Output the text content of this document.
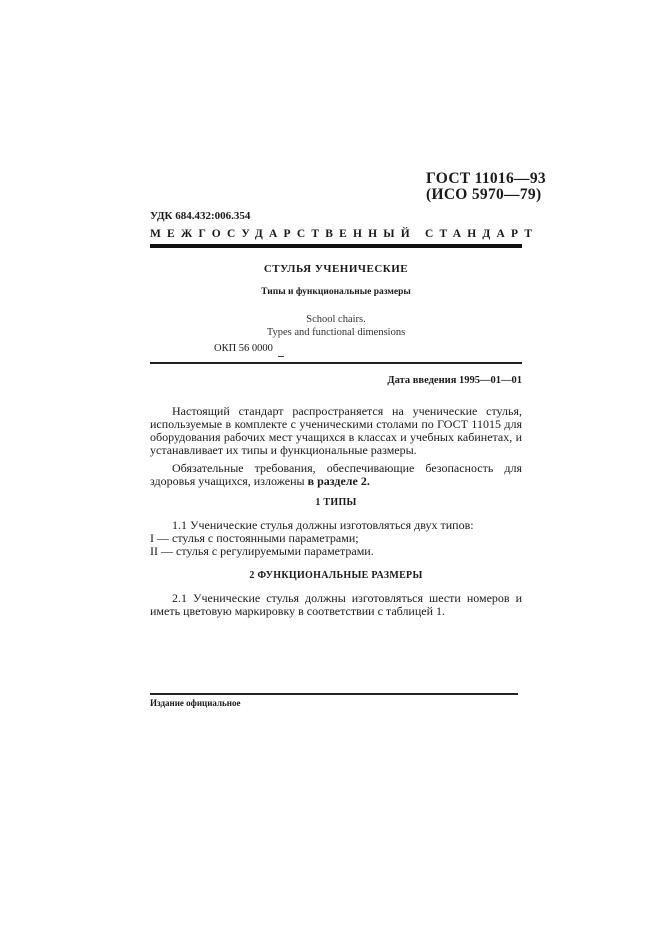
ГОСТ 11016—93
(ИСО 5970—79)
УДК 684.432:006.354
МЕЖГОСУДАРСТВЕННЫЙ СТАНДАРТ
СТУЛЬЯ УЧЕНИЧЕСКИЕ
Типы и функциональные размеры
School chairs.
Types and functional dimensions
ОКП 56 0000
Дата введения 1995—01—01

Настоящий стандарт распространяется на ученические стулья, используемые в комплекте с ученическими столами по ГОСТ 11015 для оборудования рабочих мест учащихся в классах и учебных кабинетах, и устанавливает их типы и функциональные размеры.

Обязательные требования, обеспечивающие безопасность для здоровья учащихся, изложены в разделе 2.

1 ТИПЫ
1.1 Ученические стулья должны изготовляться двух типов:
I — стулья с постоянными параметрами;
II — стулья с регулируемыми параметрами.
2 ФУНКЦИОНАЛЬНЫЕ РАЗМЕРЫ

2.1 Ученические стулья должны изготовляться шести номеров и иметь цветовую маркировку в соответствии с таблицей 1.

Издание официальное
